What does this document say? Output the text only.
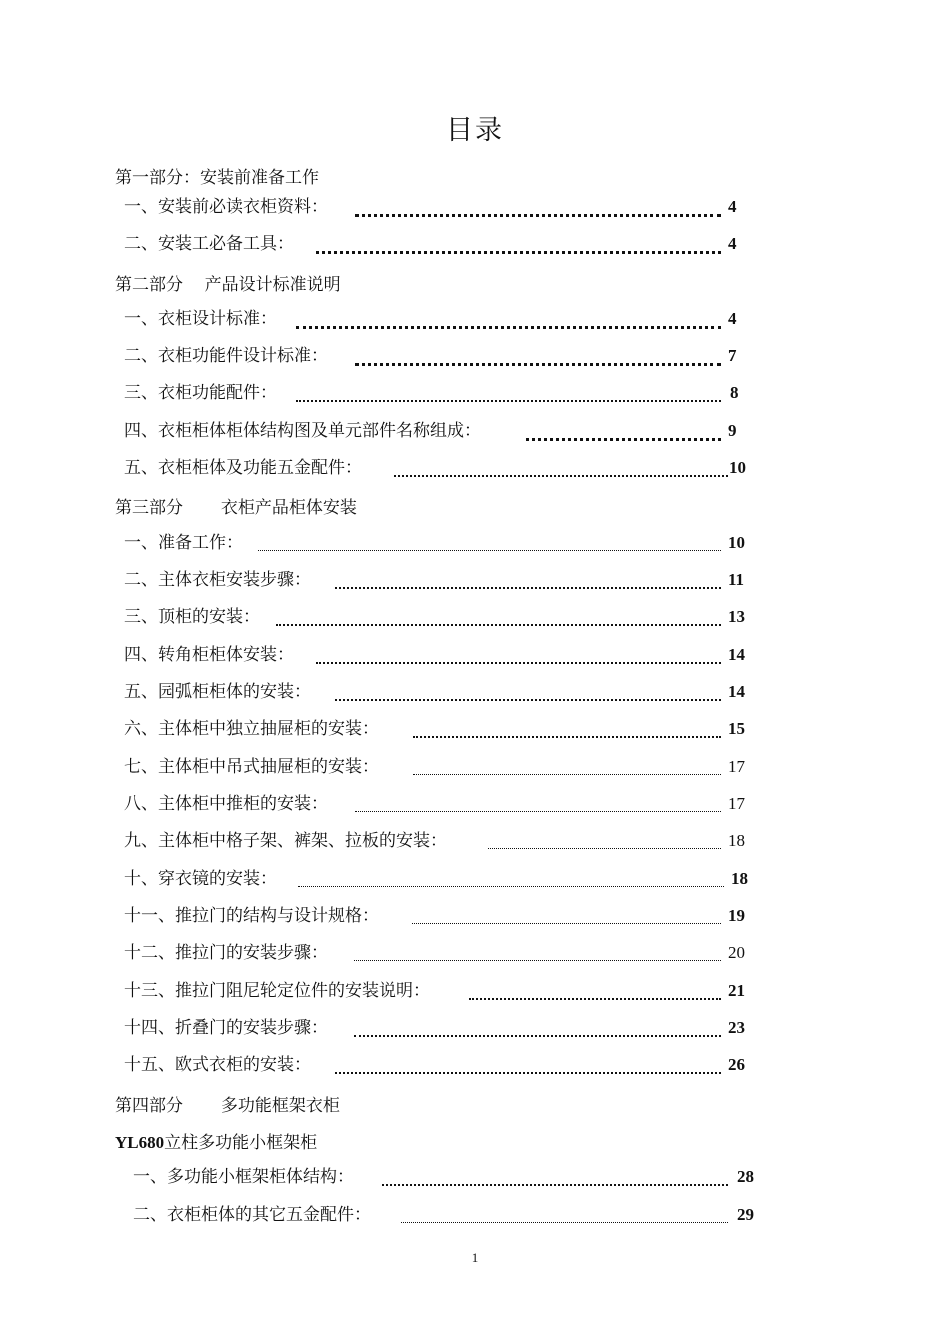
目录
第一部分：安装前准备工作
第二部分    产品设计标准说明
第三部分       衣柜产品柜体安装
第四部分       多功能框架衣柜
YL680立柱多功能小框架柜
一、安装前必读衣柜资料：	4
二、安装工必备工具：	4
一、衣柜设计标准：	4
二、衣柜功能件设计标准：	7
三、衣柜功能配件：	8
四、衣柜柜体柜体结构图及单元部件名称组成：	9
五、衣柜柜体及功能五金配件：	10
一、准备工作：	10
二、主体衣柜安装步骤：	11
三、顶柜的安装：	13
四、转角柜柜体安装：	14
五、园弧柜柜体的安装：	14
六、主体柜中独立抽屉柜的安装：	15
七、主体柜中吊式抽屉柜的安装：	17
八、主体柜中推柜的安装：	17
九、主体柜中格子架、裤架、拉板的安装：	18
十、穿衣镜的安装：	18
十一、推拉门的结构与设计规格：	19
十二、推拉门的安装步骤：	20
十三、推拉门阻尼轮定位件的安装说明：	21
十四、折叠门的安装步骤：	23
十五、欧式衣柜的安装：	26
一、多功能小框架柜体结构：	28
二、衣柜柜体的其它五金配件：	29
1
